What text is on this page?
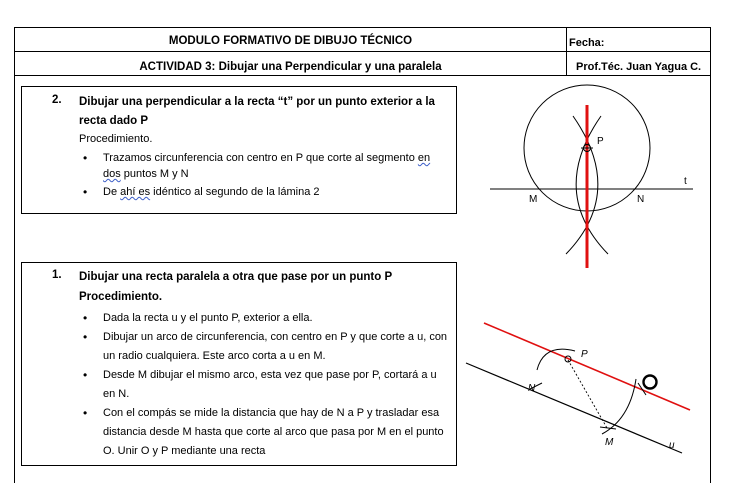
MODULO FORMATIVO DE DIBUJO TÉCNICO	Fecha:
ACTIVIDAD 3: Dibujar una Perpendicular y una paralela	Prof.Téc. Juan Yagua C.
2. Dibujar una perpendicular a la recta “t” por un punto exterior a la recta dado P
Procedimiento.
• Trazamos circunferencia con centro en P que corte al segmento en dos puntos M y N
• De ahí es idéntico al segundo de la lámina 2
P
t
M	N
1. Dibujar una recta paralela a otra que pase por un punto P
Procedimiento.
• Dada la recta u y el punto P, exterior a ella.
• Dibujar un arco de circunferencia, con centro en P y que corte a u, con un radio cualquiera. Este arco corta a u en M.
• Desde M dibujar el mismo arco, esta vez que pase por P, cortará a u en N.
• Con el compás se mide la distancia que hay de N a P y trasladar esa distancia desde M hasta que corte al arco que pasa por M en el punto O. Unir O y P mediante una recta
P
N
M	u
